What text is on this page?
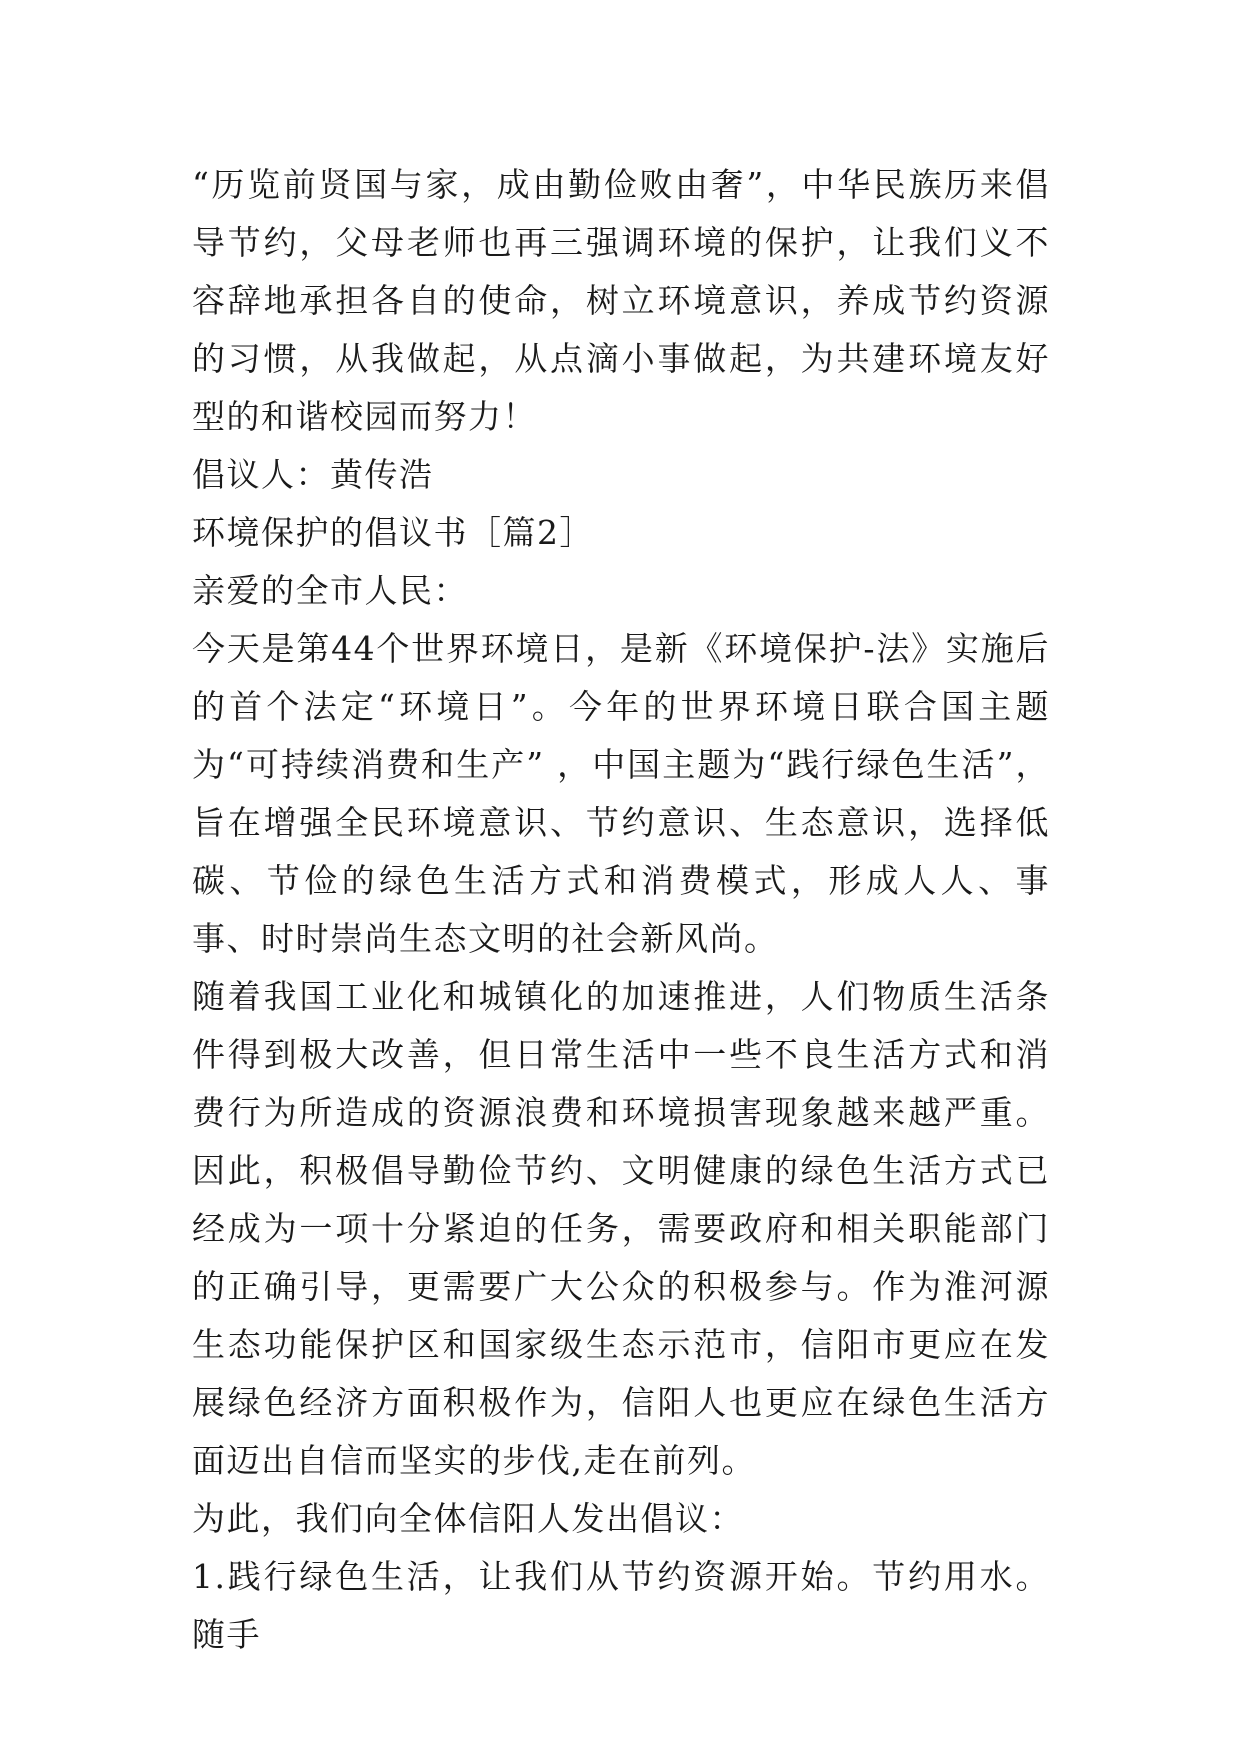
“历览前贤国与家，成由勤俭败由奢”，中华民族历来倡导节约，父母老师也再三强调环境的保护，让我们义不容辞地承担各自的使命，树立环境意识，养成节约资源的习惯，从我做起，从点滴小事做起，为共建环境友好型的和谐校园而努力！

倡议人：黄传浩

环境保护的倡议书［篇2］

亲爱的全市人民：

今天是第44个世界环境日，是新《环境保护-法》实施后的首个法定“环境日”。今年的世界环境日联合国主题为“可持续消费和生产” ，中国主题为“践行绿色生活”，旨在增强全民环境意识、节约意识、生态意识，选择低碳、节俭的绿色生活方式和消费模式，形成人人、事事、时时崇尚生态文明的社会新风尚。

随着我国工业化和城镇化的加速推进，人们物质生活条件得到极大改善，但日常生活中一些不良生活方式和消费行为所造成的资源浪费和环境损害现象越来越严重。因此，积极倡导勤俭节约、文明健康的绿色生活方式已经成为一项十分紧迫的任务，需要政府和相关职能部门的正确引导，更需要广大公众的积极参与。作为淮河源生态功能保护区和国家级生态示范市，信阳市更应在发展绿色经济方面积极作为，信阳人也更应在绿色生活方面迈出自信而坚实的步伐,走在前列。

为此，我们向全体信阳人发出倡议：

1.践行绿色生活，让我们从节约资源开始。节约用水。随手
